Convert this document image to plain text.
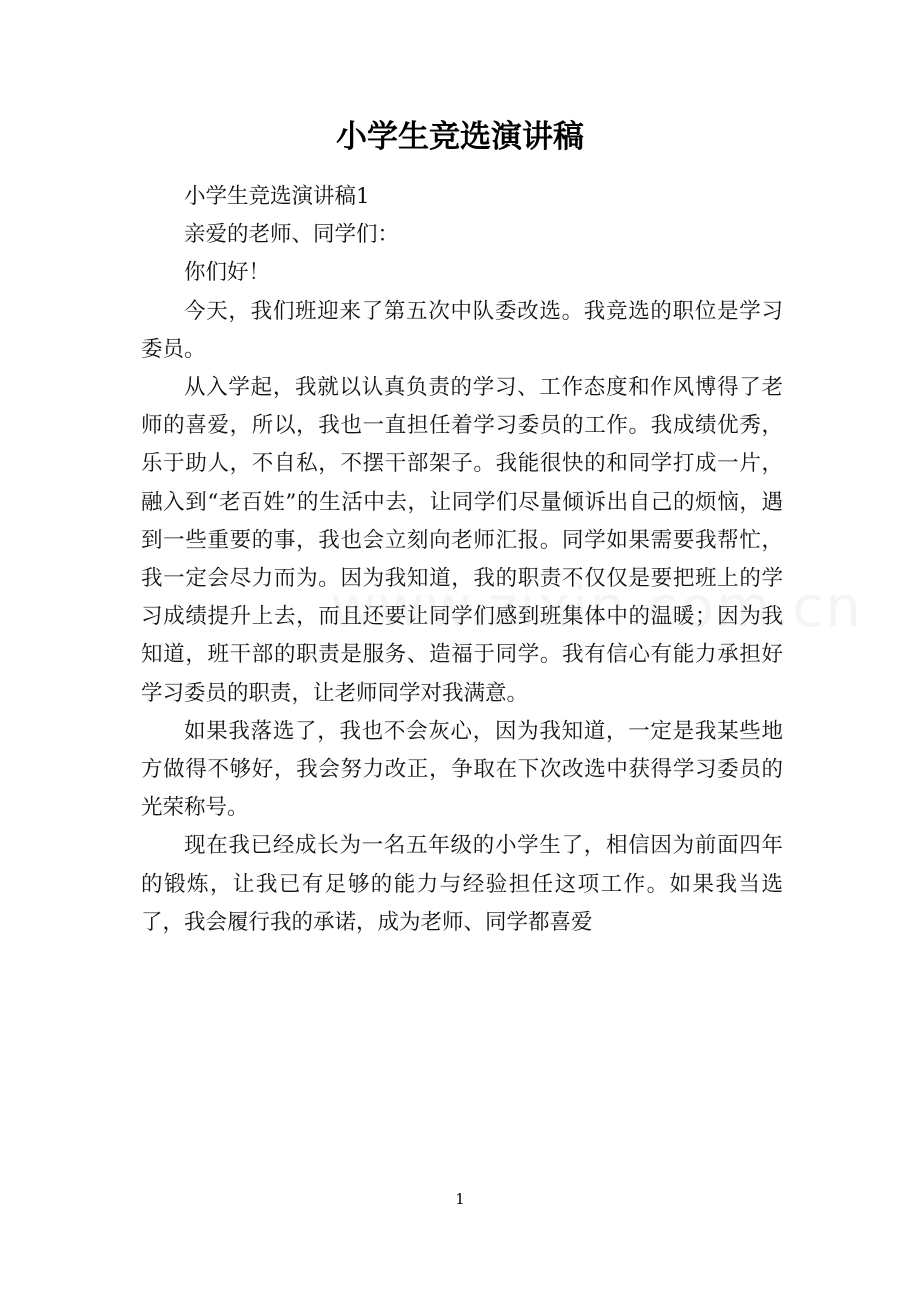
小学生竞选演讲稿

小学生竞选演讲稿1

亲爱的老师、同学们：

你们好！

今天，我们班迎来了第五次中队委改选。我竞选的职位是学习委员。

从入学起，我就以认真负责的学习、工作态度和作风博得了老师的喜爱，所以，我也一直担任着学习委员的工作。我成绩优秀，乐于助人，不自私，不摆干部架子。我能很快的和同学打成一片，融入到“老百姓”的生活中去，让同学们尽量倾诉出自己的烦恼，遇到一些重要的事，我也会立刻向老师汇报。同学如果需要我帮忙，我一定会尽力而为。因为我知道，我的职责不仅仅是要把班上的学习成绩提升上去，而且还要让同学们感到班集体中的温暖；因为我知道，班干部的职责是服务、造福于同学。我有信心有能力承担好学习委员的职责，让老师同学对我满意。

如果我落选了，我也不会灰心，因为我知道，一定是我某些地方做得不够好，我会努力改正，争取在下次改选中获得学习委员的光荣称号。

现在我已经成长为一名五年级的小学生了，相信因为前面四年的锻炼，让我已有足够的能力与经验担任这项工作。如果我当选了，我会履行我的承诺，成为老师、同学都喜爱

1
